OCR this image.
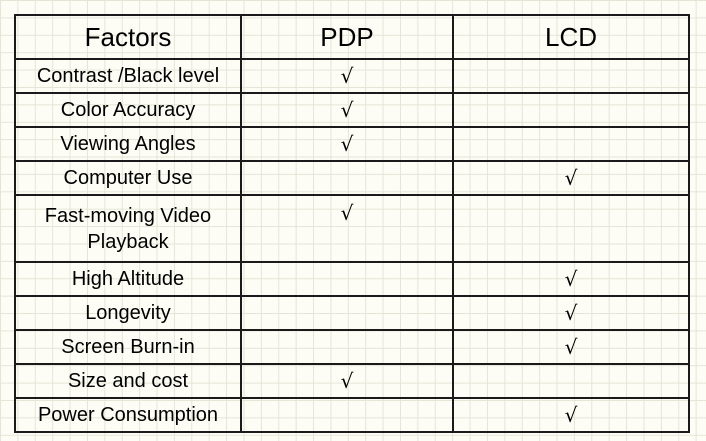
Factors	PDP	LCD
Contrast /Black level	√	
Color Accuracy	√	
Viewing Angles	√	
Computer Use		√
Fast-moving Video Playback	√	
High Altitude		√
Longevity		√
Screen Burn-in		√
Size and cost	√	
Power Consumption		√
